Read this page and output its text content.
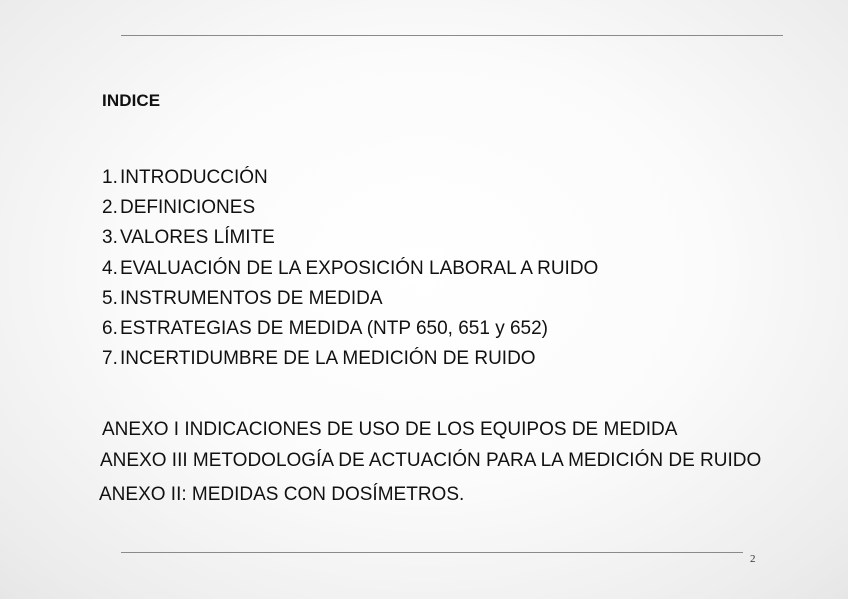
INDICE
1. INTRODUCCIÓN
2. DEFINICIONES
3. VALORES LÍMITE
4. EVALUACIÓN DE LA EXPOSICIÓN LABORAL A RUIDO
5. INSTRUMENTOS DE MEDIDA
6. ESTRATEGIAS DE MEDIDA (NTP 650, 651 y 652)
7. INCERTIDUMBRE DE LA MEDICIÓN DE RUIDO
ANEXO I INDICACIONES DE USO DE LOS EQUIPOS DE MEDIDA
ANEXO III METODOLOGÍA DE ACTUACIÓN PARA LA MEDICIÓN DE RUIDO
ANEXO II: MEDIDAS CON DOSÍMETROS.
2
